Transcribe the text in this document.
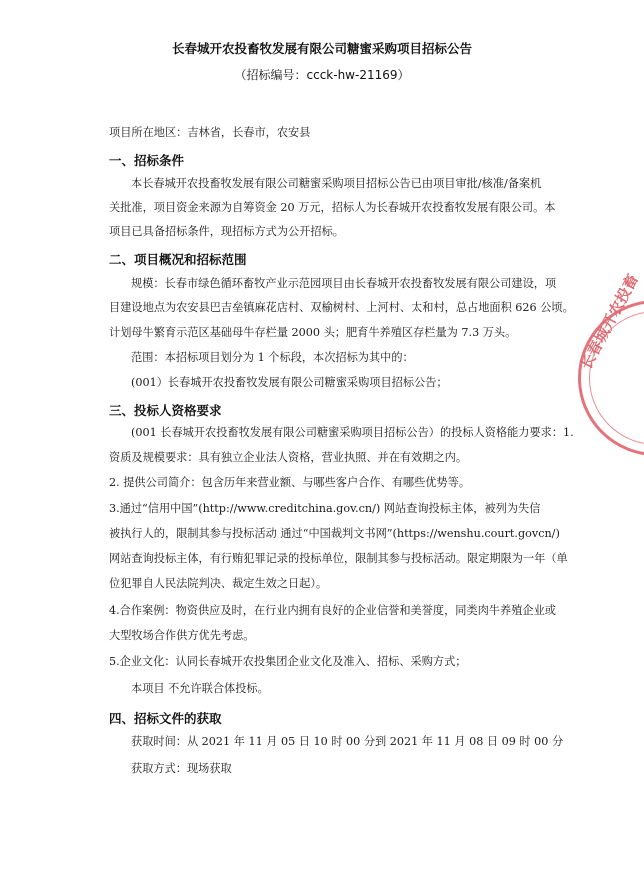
长春城开农投畜牧发展有限公司糖蜜采购项目招标公告
（招标编号：ccck-hw-21169）
项目所在地区：吉林省，长春市，农安县
一、招标条件
本长春城开农投畜牧发展有限公司糖蜜采购项目招标公告已由项目审批/核准/备案机
关批准，项目资金来源为自筹资金 20 万元，招标人为长春城开农投畜牧发展有限公司。本
项目已具备招标条件，现招标方式为公开招标。
二、项目概况和招标范围
规模：长春市绿色循环畜牧产业示范园项目由长春城开农投畜牧发展有限公司建设，项
目建设地点为农安县巴吉垒镇麻花店村、双榆树村、上河村、太和村，总占地面积 626 公顷。
计划母牛繁育示范区基础母牛存栏量 2000 头；肥育牛养殖区存栏量为 7.3 万头。
范围：本招标项目划分为 1 个标段，本次招标为其中的：
(001）长春城开农投畜牧发展有限公司糖蜜采购项目招标公告；
三、投标人资格要求
(001 长春城开农投畜牧发展有限公司糖蜜采购项目招标公告）的投标人资格能力要求：1.
资质及规模要求：具有独立企业法人资格，营业执照、并在有效期之内。
2. 提供公司简介：包含历年来营业额、与哪些客户合作、有哪些优势等。
3.通过“信用中国”(http://www.creditchina.gov.cn/) 网站查询投标主体，被列为失信
被执行人的，限制其参与投标活动 通过“中国裁判文书网”(https://wenshu.court.govcn/)
网站查询投标主体，有行贿犯罪记录的投标单位，限制其参与投标活动。限定期限为一年（单
位犯罪自人民法院判决、裁定生效之日起）。
4.合作案例：物资供应及时，在行业内拥有良好的企业信誉和美誉度，同类肉牛养殖企业或
大型牧场合作供方优先考虑。
5.企业文化：认同长春城开农投集团企业文化及准入、招标、采购方式；
本项目 不允许联合体投标。
四、招标文件的获取
获取时间：从 2021 年 11 月 05 日 10 时 00 分到 2021 年 11 月 08 日 09 时 00 分
获取方式：现场获取
长春城开农投畜
